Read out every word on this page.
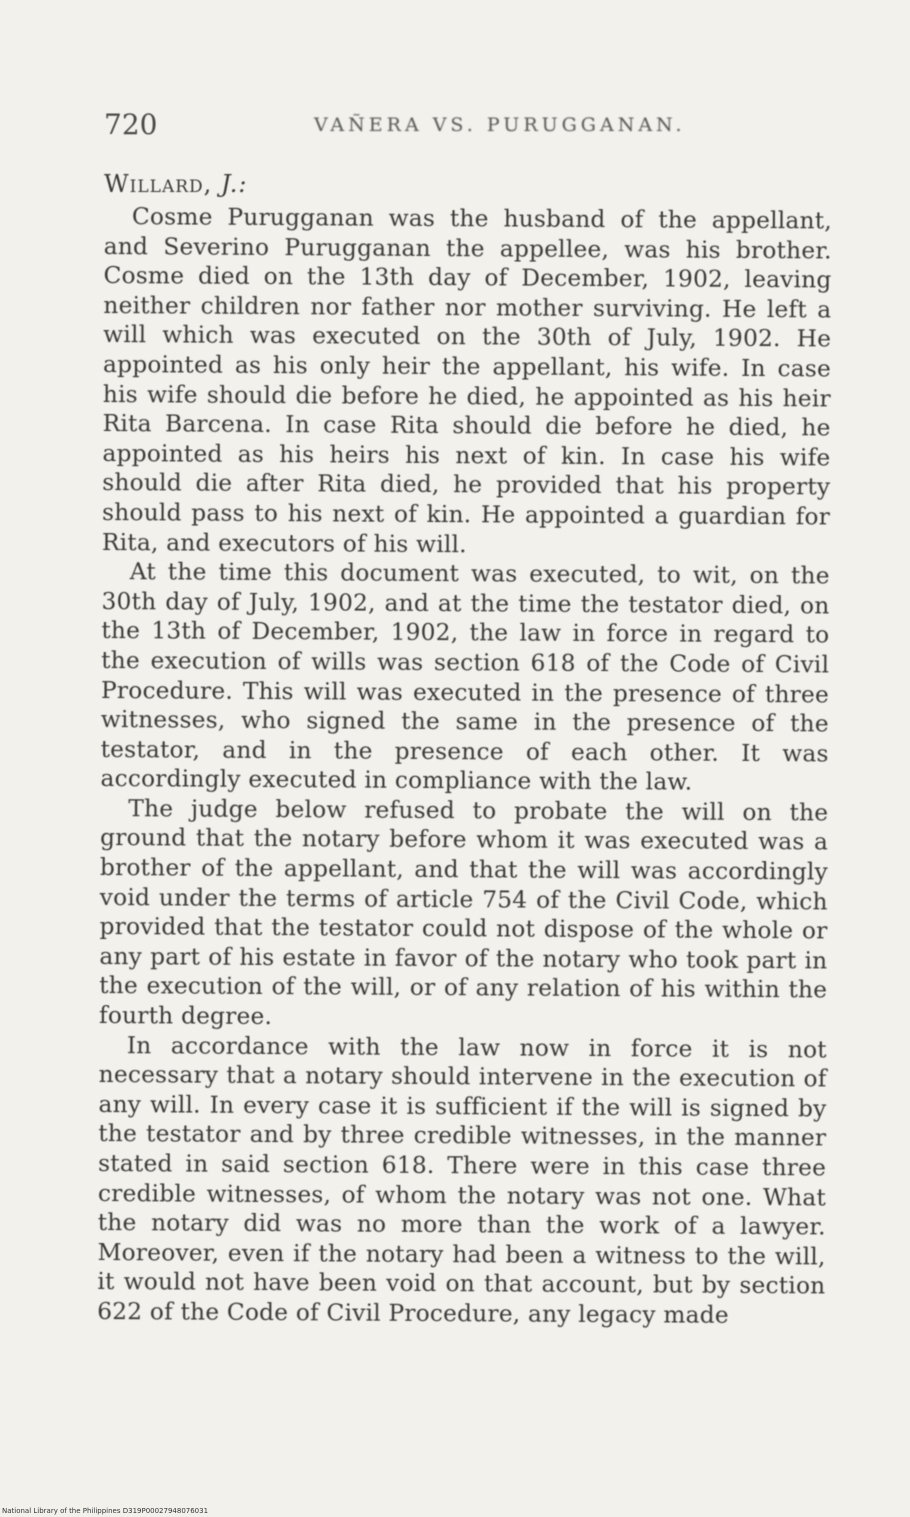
720	VAÑERA VS. PURUGGANAN.
Willard, J.:

Cosme Purugganan was the husband of the appellant, and Severino Purugganan the appellee, was his brother. Cosme died on the 13th day of December, 1902, leaving neither children nor father nor mother surviving. He left a will which was executed on the 30th of July, 1902. He appointed as his only heir the appellant, his wife. In case his wife should die before he died, he appointed as his heir Rita Barcena. In case Rita should die before he died, he appointed as his heirs his next of kin. In case his wife should die after Rita died, he provided that his property should pass to his next of kin. He appointed a guardian for Rita, and executors of his will.

At the time this document was executed, to wit, on the 30th day of July, 1902, and at the time the testator died, on the 13th of December, 1902, the law in force in regard to the execution of wills was section 618 of the Code of Civil Procedure. This will was executed in the presence of three witnesses, who signed the same in the presence of the testator, and in the presence of each other. It was accordingly executed in compliance with the law.

The judge below refused to probate the will on the ground that the notary before whom it was executed was a brother of the appellant, and that the will was accordingly void under the terms of article 754 of the Civil Code, which provided that the testator could not dispose of the whole or any part of his estate in favor of the notary who took part in the execution of the will, or of any relation of his within the fourth degree.

In accordance with the law now in force it is not necessary that a notary should intervene in the execution of any will. In every case it is sufficient if the will is signed by the testator and by three credible witnesses, in the manner stated in said section 618. There were in this case three credible witnesses, of whom the notary was not one. What the notary did was no more than the work of a lawyer. Moreover, even if the notary had been a witness to the will, it would not have been void on that account, but by section 622 of the Code of Civil Procedure, any legacy made

National Library of the Philippines D319P00027948076031
